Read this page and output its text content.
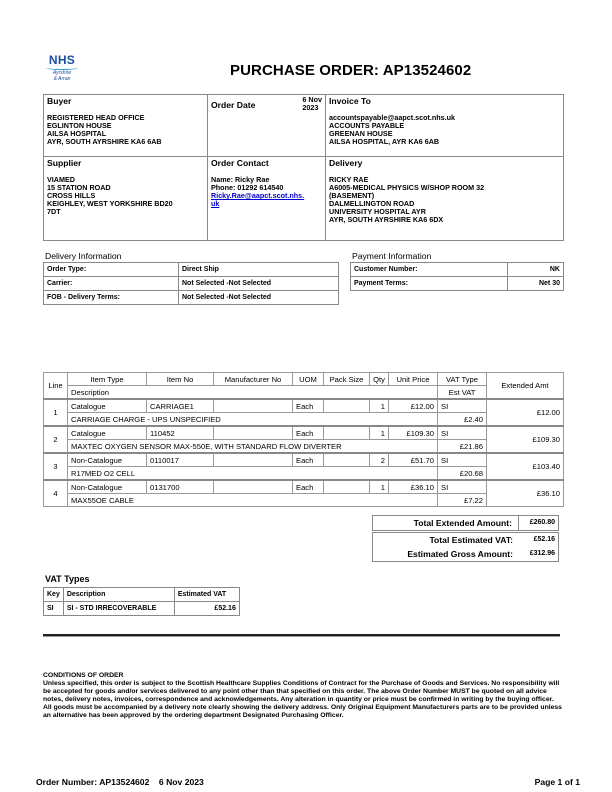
NHS
Ayrshire
& Arran	PURCHASE ORDER: AP13524602
Buyer
REGISTERED HEAD OFFICE
EGLINTON HOUSE
AILSA HOSPITAL
AYR, SOUTH AYRSHIRE KA6 6AB

Order Date
6 Nov
2023

Invoice To
accountspayable@aapct.scot.nhs.uk
ACCOUNTS PAYABLE
GREENAN HOUSE
AILSA HOSPITAL, AYR KA6 6AB

Supplier
VIAMED
15 STATION ROAD
CROSS HILLS
KEIGHLEY, WEST YORKSHIRE BD20
7DT

Order Contact
Name: Ricky Rae
Phone: 01292 614540
Ricky.Rae@aapct.scot.nhs.
uk

Delivery
RICKY RAE
A6005-MEDICAL PHYSICS W/SHOP ROOM 32
(BASEMENT)
DALMELLINGTON ROAD
UNIVERSITY HOSPITAL AYR
AYR, SOUTH AYRSHIRE KA6 6DX
Delivery Information
Order Type:	Direct Ship
Carrier:	Not Selected -Not Selected
FOB - Delivery Terms:	Not Selected -Not Selected
Payment Information
Customer Number:	NK
Payment Terms:	Net 30
Line	Item Type	Item No	Manufacturer No	UOM	Pack Size	Qty	Unit Price	VAT Type	Extended Amt
	Description							Est VAT	
1	Catalogue	CARRIAGE1		Each		1	£12.00	SI	£12.00
	CARRIAGE CHARGE - UPS UNSPECIFIED							£2.40	
2	Catalogue	110452		Each		1	£109.30	SI	£109.30
	MAXTEC OXYGEN SENSOR MAX-550E, WITH STANDARD FLOW DIVERTER							£21.86	
3	Non-Catalogue	0110017		Each		2	£51.70	SI	£103.40
	R17MED O2 CELL							£20.68	
4	Non-Catalogue	0131700		Each		1	£36.10	SI	£36.10
	MAX55OE CABLE							£7.22	
Total Extended Amount:	£260.80
Total Estimated VAT:	£52.16
Estimated Gross Amount:	£312.96
VAT Types
Key	Description	Estimated VAT
SI	SI - STD IRRECOVERABLE	£52.16
CONDITIONS OF ORDER
Unless specified, this order is subject to the Scottish Healthcare Supplies Conditions of Contract for the Purchase of Goods and Services. No responsibility will be accepted for goods and/or services delivered to any point other than that specified on this order. The above Order Number MUST be quoted on all advice notes, delivery notes, invoices, correspondence and acknowledgements. Any alteration in quantity or price must be confirmed in writing by the buying officer. All goods must be accompanied by a delivery note clearly showing the delivery address. Only Original Equipment Manufacturers parts are to be provided unless an alternative has been approved by the ordering department Designated Purchasing Officer.
Order Number: AP13524602    6 Nov 2023	Page 1 of 1
